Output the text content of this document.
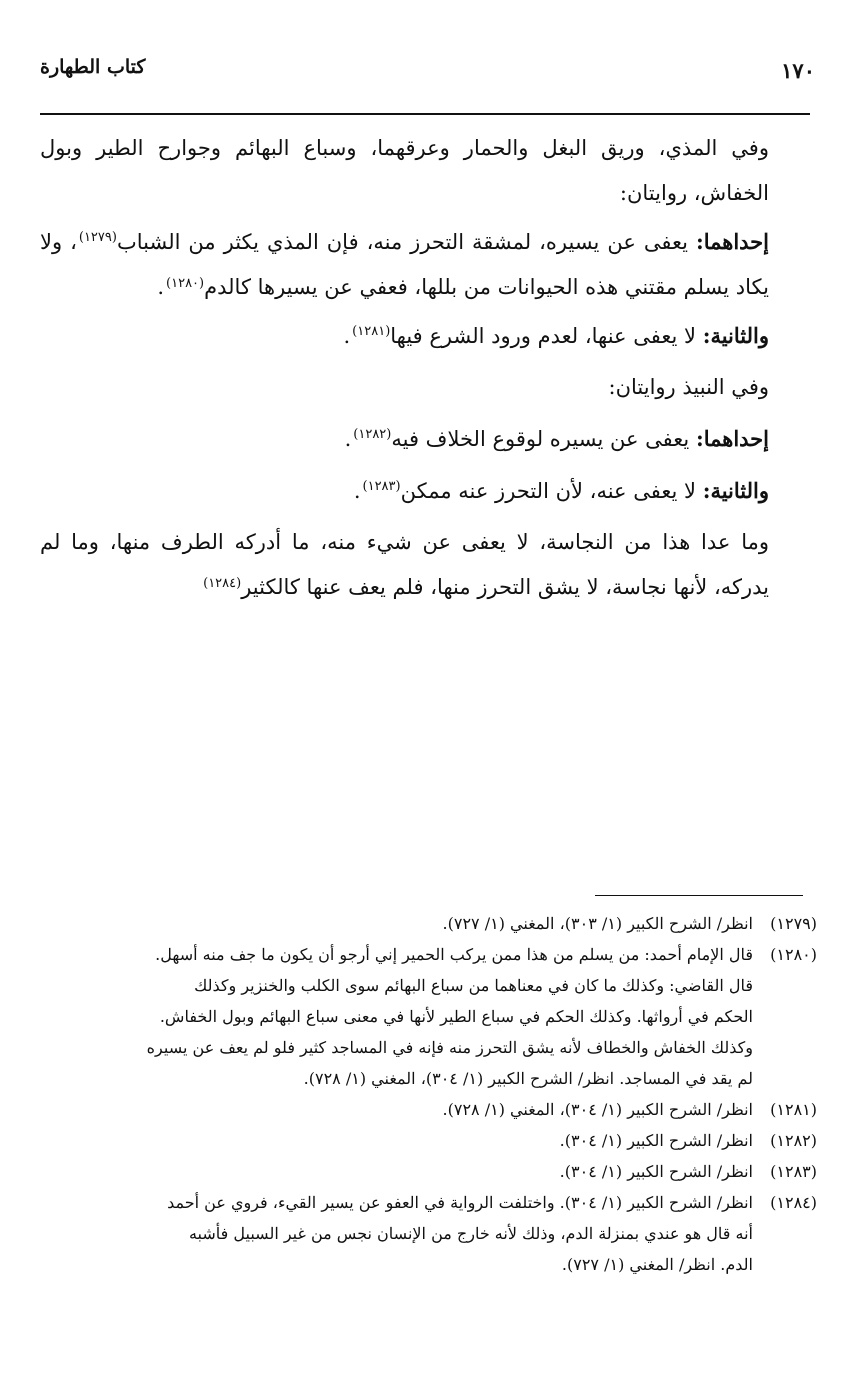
كتاب الطهارة	١٧٠

وفي المذي، وريق البغل والحمار وعرقهما، وسباع البهائم وجوارح الطير وبول الخفاش، روايتان:

إحداهما: يعفى عن يسيره، لمشقة التحرز منه، فإن المذي يكثر من الشباب$^{(١٢٧٩)}$، ولا يكاد يسلم مقتني هذه الحيوانات من بللها، فعفي عن يسيرها كالدم$^{(١٢٨٠)}$.

والثانية: لا يعفى عنها، لعدم ورود الشرع فيها$^{(١٢٨١)}$.

وفي النبيذ روايتان:

إحداهما: يعفى عن يسيره لوقوع الخلاف فيه$^{(١٢٨٢)}$.

والثانية: لا يعفى عنه، لأن التحرز عنه ممكن$^{(١٢٨٣)}$.

وما عدا هذا من النجاسة، لا يعفى عن شيء منه، ما أدركه الطرف منها، وما لم يدركه، لأنها نجاسة، لا يشق التحرز منها، فلم يعف عنها كالكثير$^{(١٢٨٤)}$

(١٢٧٩)
انظر/ الشرح الكبير (١/ ٣٠٣)، المغني (١/ ٧٢٧).
(١٢٨٠)
قال الإمام أحمد: من يسلم من هذا ممن يركب الحمير إني أرجو أن يكون ما جف منه أسهل.
قال القاضي: وكذلك ما كان في معناهما من سباع البهائم سوى الكلب والخنزير وكذلك
الحكم في أرواثها. وكذلك الحكم في سباع الطير لأنها في معنى سباع البهائم وبول الخفاش.
وكذلك الخفاش والخطاف لأنه يشق التحرز منه فإنه في المساجد كثير فلو لم يعف عن يسيره
لم يقد في المساجد. انظر/ الشرح الكبير (١/ ٣٠٤)، المغني (١/ ٧٢٨).
(١٢٨١)
انظر/ الشرح الكبير (١/ ٣٠٤)، المغني (١/ ٧٢٨).
(١٢٨٢)
انظر/ الشرح الكبير (١/ ٣٠٤).
(١٢٨٣)
انظر/ الشرح الكبير (١/ ٣٠٤).
(١٢٨٤)
انظر/ الشرح الكبير (١/ ٣٠٤). واختلفت الرواية في العفو عن يسير القيء، فروي عن أحمد
أنه قال هو عندي بمنزلة الدم، وذلك لأنه خارج من الإنسان نجس من غير السبيل فأشبه
الدم. انظر/ المغني (١/ ٧٢٧).
